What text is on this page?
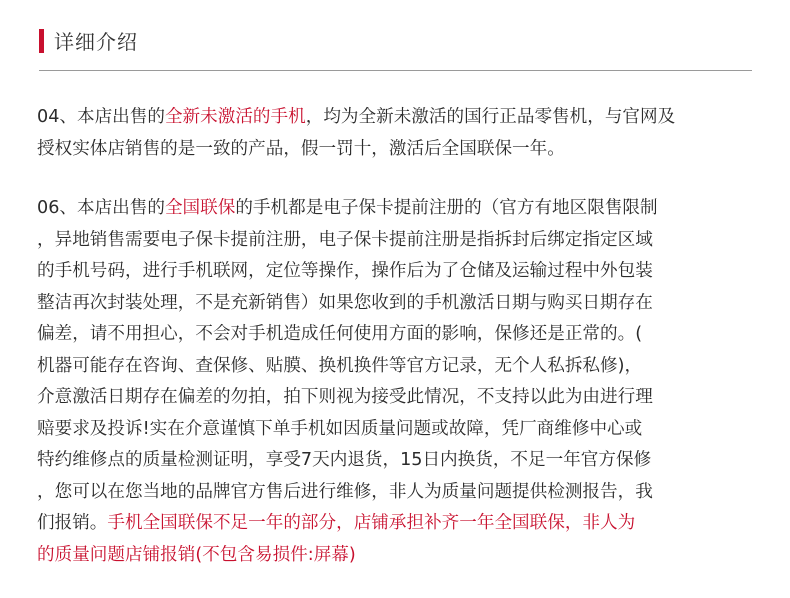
详细介绍

04、本店出售的全新未激活的手机，均为全新未激活的国行正品零售机，与官网及
授权实体店销售的是一致的产品，假一罚十，激活后全国联保一年。

06、本店出售的全国联保的手机都是电子保卡提前注册的（官方有地区限售限制
，异地销售需要电子保卡提前注册，电子保卡提前注册是指拆封后绑定指定区域
的手机号码，进行手机联网，定位等操作，操作后为了仓储及运输过程中外包装
整洁再次封装处理，不是充新销售）如果您收到的手机激活日期与购买日期存在
偏差，请不用担心，不会对手机造成任何使用方面的影响，保修还是正常的。(
机器可能存在咨询、查保修、贴膜、换机换件等官方记录，无个人私拆私修)，
介意激活日期存在偏差的勿拍，拍下则视为接受此情况，不支持以此为由进行理
赔要求及投诉!实在介意谨慎下单手机如因质量问题或故障，凭厂商维修中心或
特约维修点的质量检测证明，享受7天内退货，15日内换货，不足一年官方保修
，您可以在您当地的品牌官方售后进行维修，非人为质量问题提供检测报告，我
们报销。手机全国联保不足一年的部分，店铺承担补齐一年全国联保，非人为
的质量问题店铺报销(不包含易损件:屏幕)
